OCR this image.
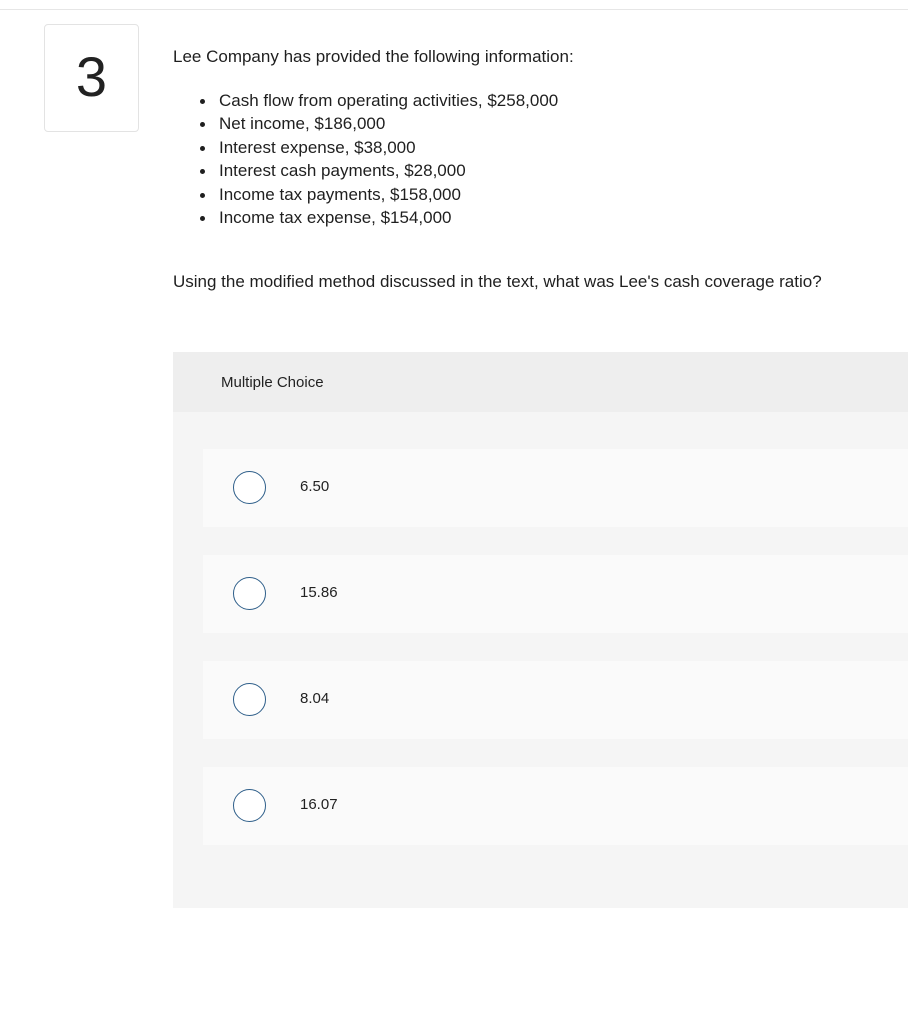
3	Lee Company has provided the following information:

Cash flow from operating activities, $258,000
Net income, $186,000
Interest expense, $38,000
Interest cash payments, $28,000
Income tax payments, $158,000
Income tax expense, $154,000

Using the modified method discussed in the text, what was Lee's cash coverage ratio?

Multiple Choice
6.50
15.86
8.04
16.07
